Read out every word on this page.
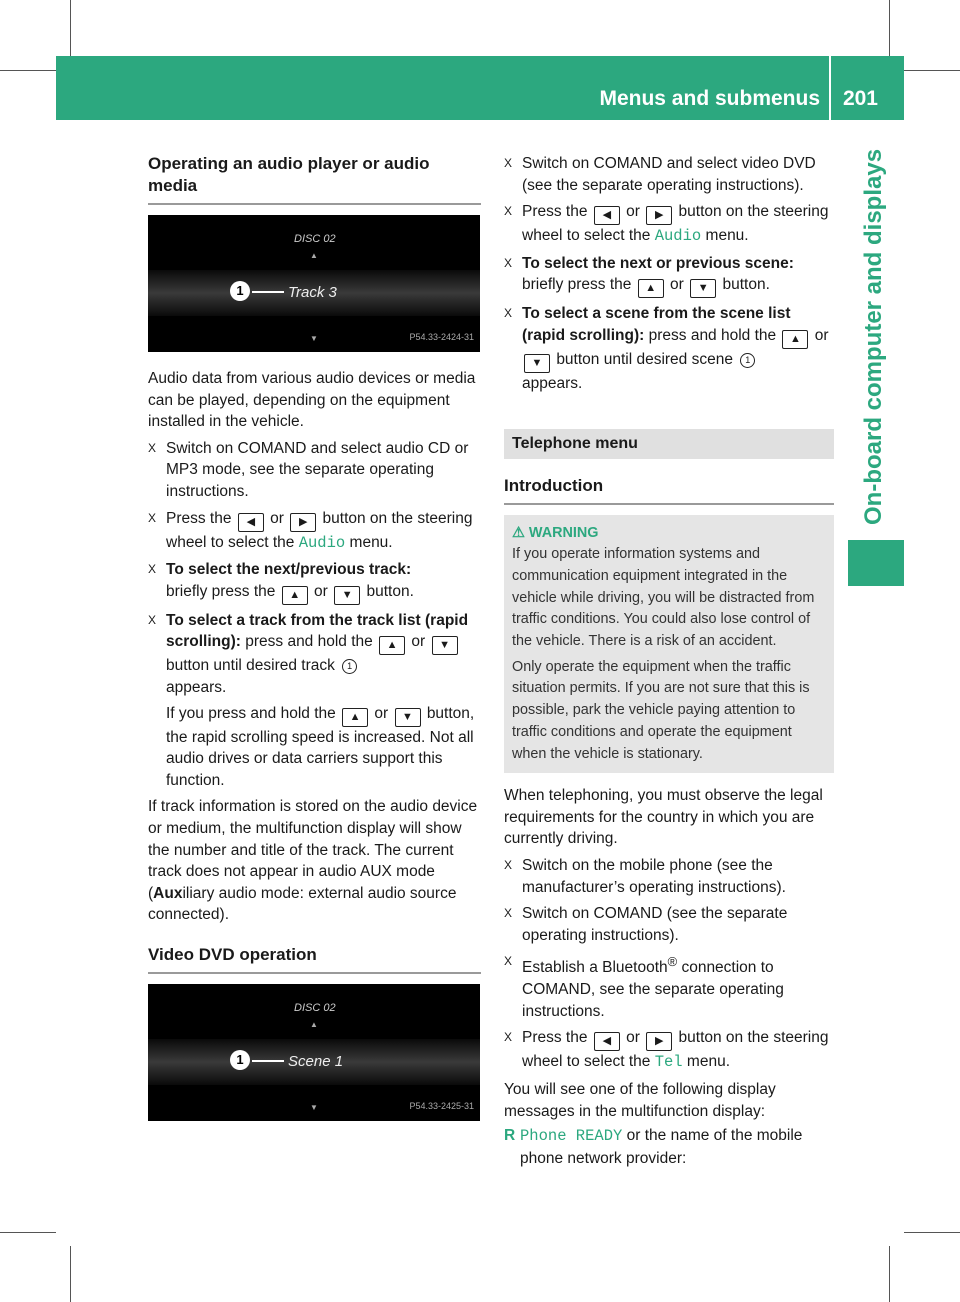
Menus and submenus 201
On-board computer and displays
Operating an audio player or audio media
DISC 02
▲
1	Track 3
▼	P54.33-2424-31

Audio data from various audio devices or media can be played, depending on the equipment installed in the vehicle.

X Switch on COMAND and select audio CD or MP3 mode, see the separate operating instructions.
X Press the ◀ or ▶ button on the steering wheel to select the Audio menu.
X To select the next/previous track:
briefly press the ▲ or ▼ button.
X To select a track from the track list (rapid scrolling): press and hold the ▲ or ▼ button until desired track 1
appears.
If you press and hold the ▲ or ▼ button, the rapid scrolling speed is increased. Not all audio drives or data carriers support this function.

If track information is stored on the audio device or medium, the multifunction display will show the number and title of the track. The current track does not appear in audio AUX mode (Auxiliary audio mode: external audio source connected).

Video DVD operation
DISC 02
▲
1	Scene 1
▼	P54.33-2425-31
X Switch on COMAND and select video DVD (see the separate operating instructions).
X Press the ◀ or ▶ button on the steering wheel to select the Audio menu.
X To select the next or previous scene:
briefly press the ▲ or ▼ button.
X To select a scene from the scene list (rapid scrolling): press and hold the ▲ or ▼ button until desired scene 1
appears.
Telephone menu
Introduction
⚠ WARNING

If you operate information systems and communication equipment integrated in the vehicle while driving, you will be distracted from traffic conditions. You could also lose control of the vehicle. There is a risk of an accident.

Only operate the equipment when the traffic situation permits. If you are not sure that this is possible, park the vehicle paying attention to traffic conditions and operate the equipment when the vehicle is stationary.

When telephoning, you must observe the legal requirements for the country in which you are currently driving.

X Switch on the mobile phone (see the manufacturer’s operating instructions).
X Switch on COMAND (see the separate operating instructions).
X Establish a Bluetooth® connection to COMAND, see the separate operating instructions.
X Press the ◀ or ▶ button on the steering wheel to select the Tel menu.

You will see one of the following display messages in the multifunction display:

R Phone READY or the name of the mobile phone network provider:
